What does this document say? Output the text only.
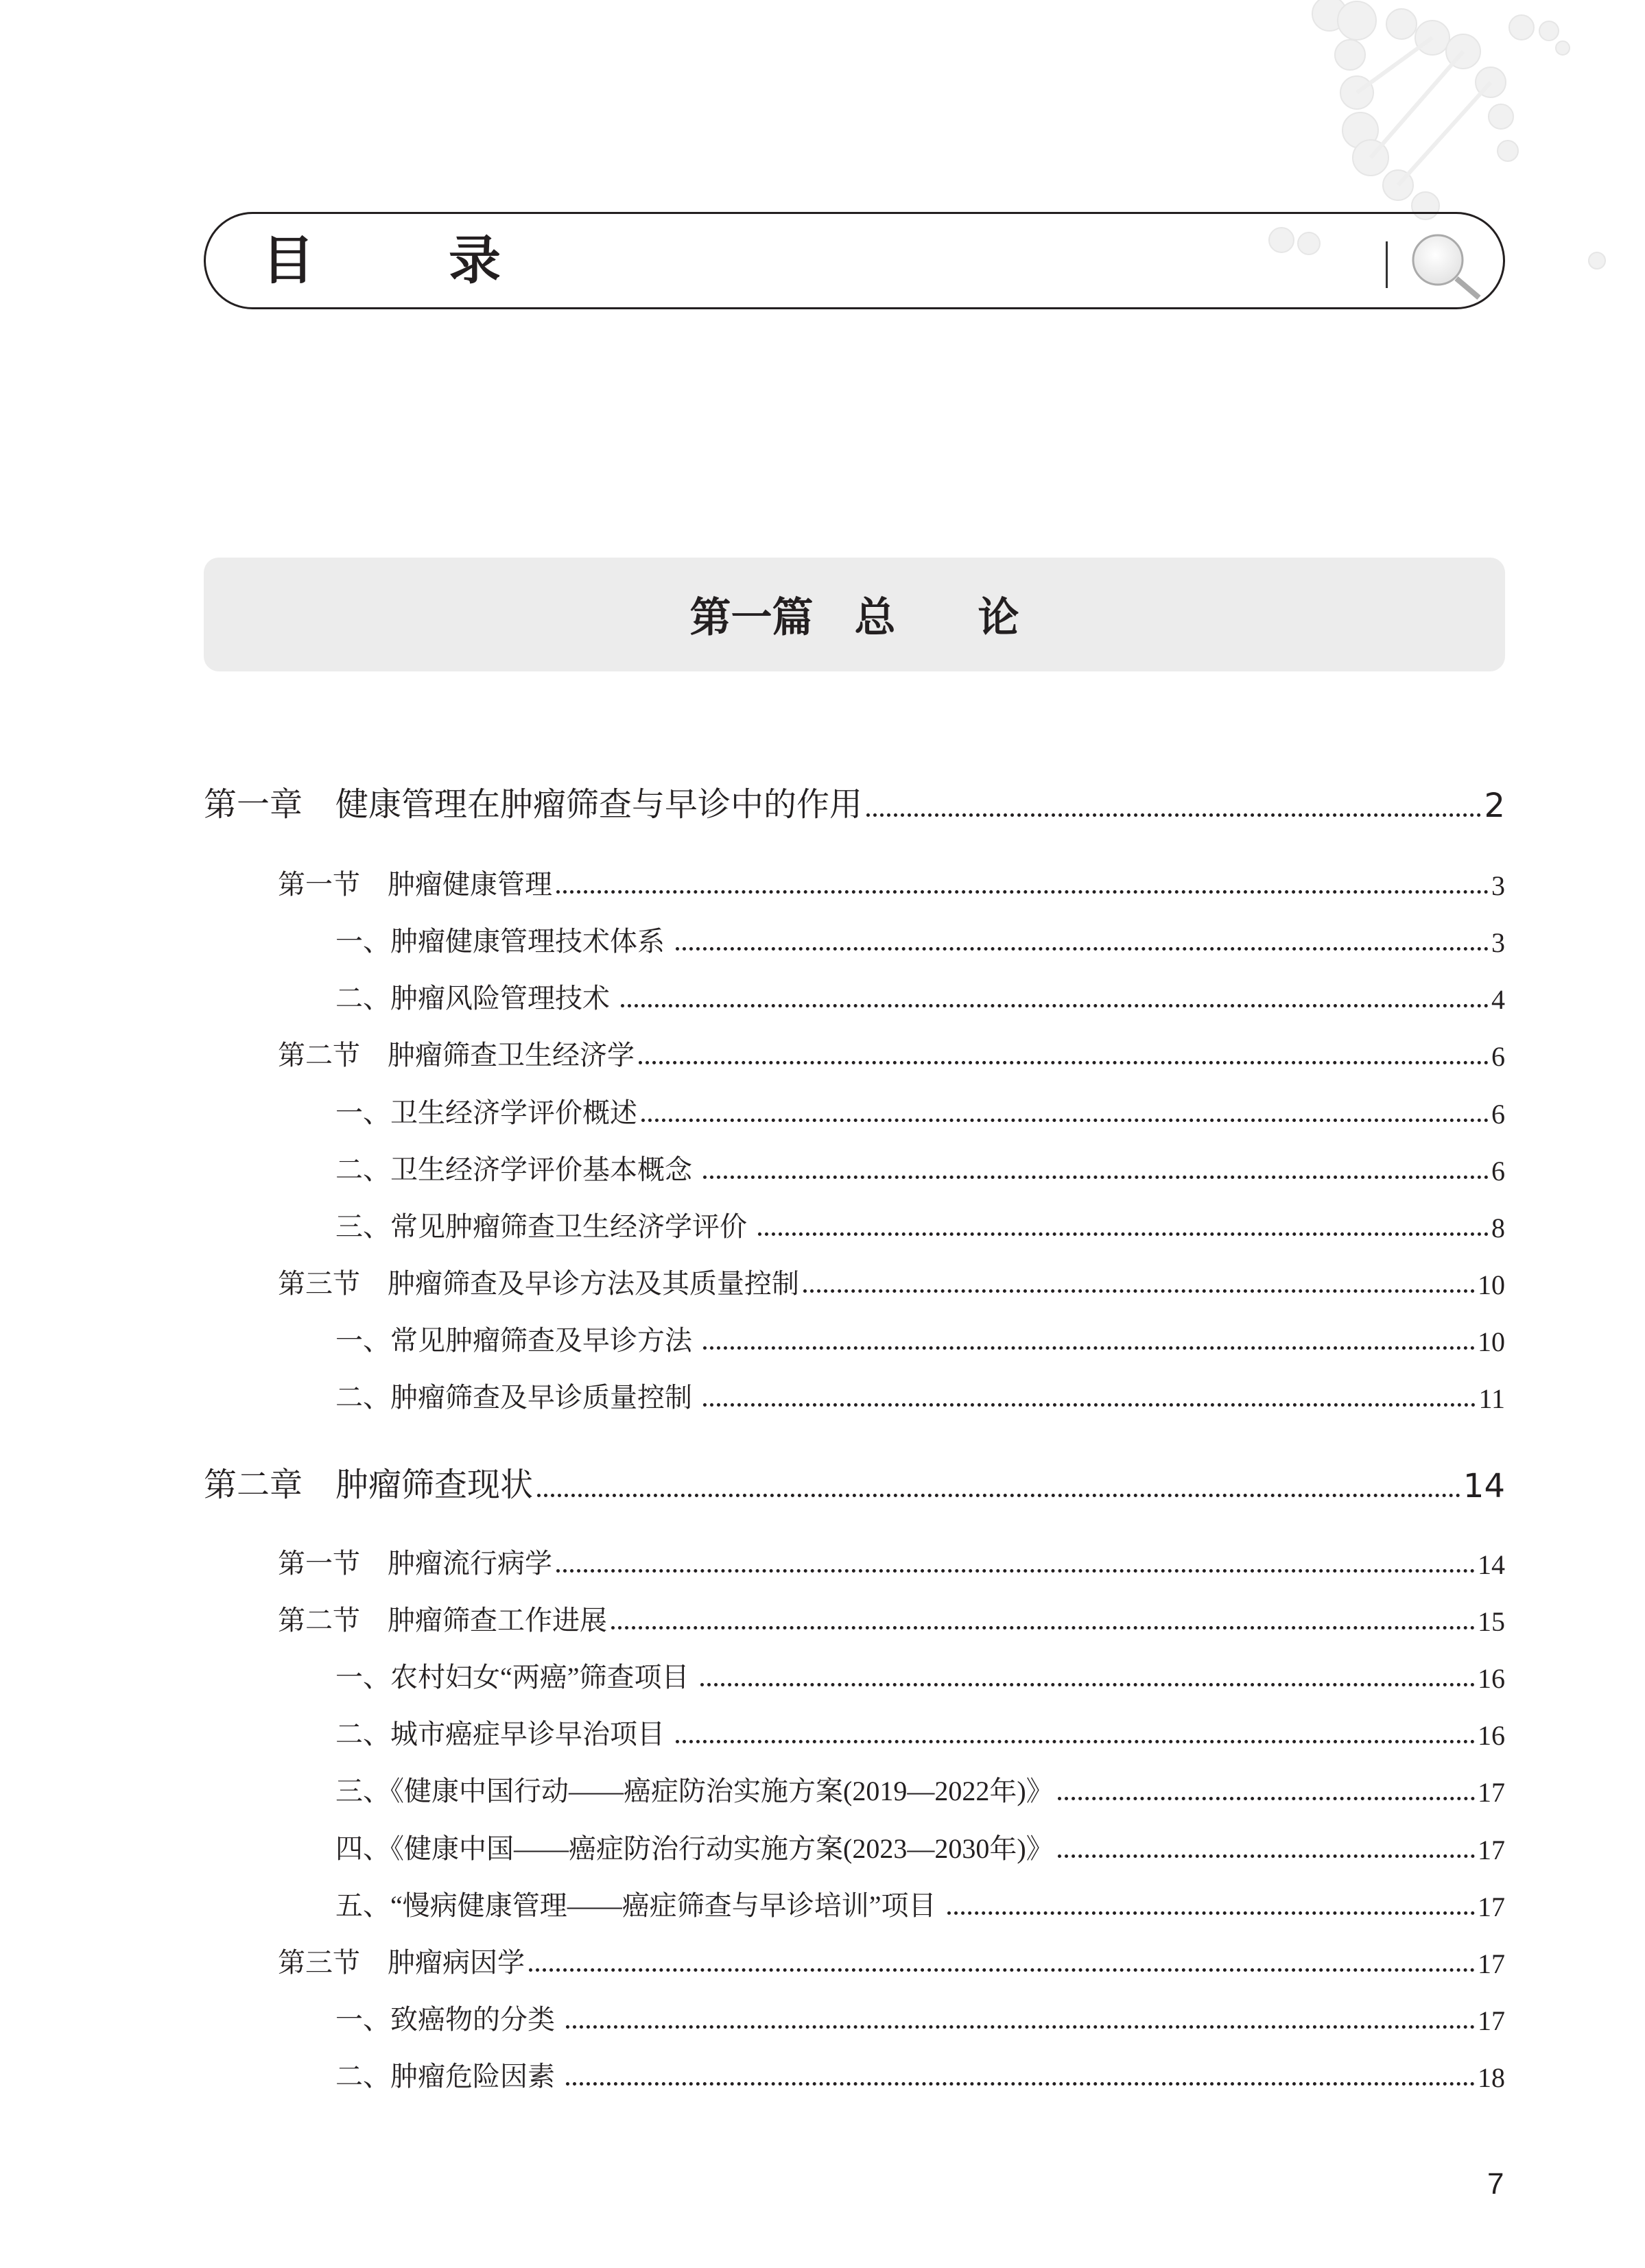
目　录
第一篇　总　　论
第一章　健康管理在肿瘤筛查与早诊中的作用	2
第一节　肿瘤健康管理	3
一、肿瘤健康管理技术体系	3
二、肿瘤风险管理技术	4
第二节　肿瘤筛查卫生经济学	6
一、卫生经济学评价概述	6
二、卫生经济学评价基本概念	6
三、常见肿瘤筛查卫生经济学评价	8
第三节　肿瘤筛查及早诊方法及其质量控制	10
一、常见肿瘤筛查及早诊方法	10
二、肿瘤筛查及早诊质量控制	11
第二章　肿瘤筛查现状	14
第一节　肿瘤流行病学	14
第二节　肿瘤筛查工作进展	15
一、农村妇女“两癌”筛查项目	16
二、城市癌症早诊早治项目	16
三、《健康中国行动——癌症防治实施方案(2019—2022年)》	17
四、《健康中国——癌症防治行动实施方案(2023—2030年)》	17
五、“慢病健康管理——癌症筛查与早诊培训”项目	17
第三节　肿瘤病因学	17
一、致癌物的分类	17
二、肿瘤危险因素	18
7
